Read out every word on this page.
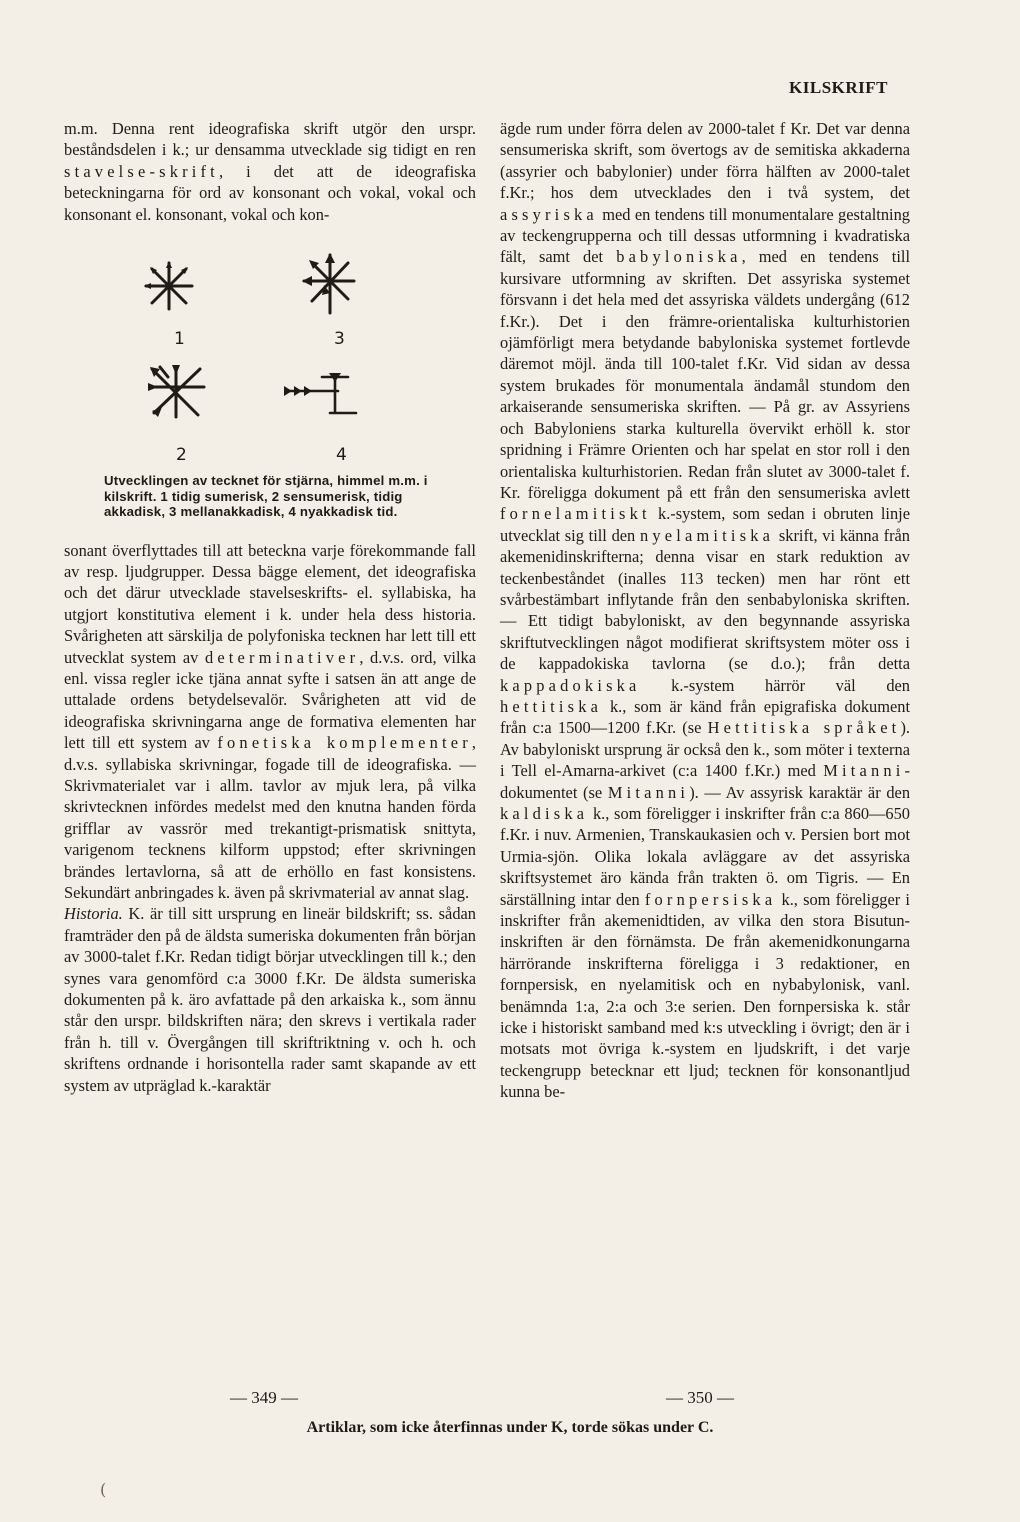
KILSKRIFT

m.m. Denna rent ideografiska skrift utgör den urspr. beståndsdelen i k.; ur densamma utvecklade sig tidigt en ren stavelse-skrift, i det att de ideografiska beteckningarna för ord av konsonant och vokal, vokal och konsonant el. konsonant, vokal och kon-

1	3
2	4
Utvecklingen av tecknet för stjärna, himmel m.m. i kilskrift. 1 tidig sumerisk, 2 sensumerisk, tidig akkadisk, 3 mellanakkadisk, 4 nyakkadisk tid.

sonant överflyttades till att beteckna varje förekommande fall av resp. ljudgrupper. Dessa bägge element, det ideografiska och det därur utvecklade stavelseskrifts- el. syllabiska, ha utgjort konstitutiva element i k. under hela dess historia. Svårigheten att särskilja de polyfoniska tecknen har lett till ett utvecklat system av determinativer, d.v.s. ord, vilka enl. vissa regler icke tjäna annat syfte i satsen än att ange de uttalade ordens betydelsevalör. Svårigheten att vid de ideografiska skrivningarna ange de formativa elementen har lett till ett system av fonetiska komplementer, d.v.s. syllabiska skrivningar, fogade till de ideografiska. — Skrivmaterialet var i allm. tavlor av mjuk lera, på vilka skrivtecknen infördes medelst med den knutna handen förda grifflar av vassrör med trekantigt-prismatisk snittyta, varigenom tecknens kilform uppstod; efter skrivningen brändes lertavlorna, så att de erhöllo en fast konsistens. Sekundärt anbringades k. även på skrivmaterial av annat slag.

Historia. K. är till sitt ursprung en lineär bildskrift; ss. sådan framträder den på de äldsta sumeriska dokumenten från början av 3000-talet f.Kr. Redan tidigt börjar utvecklingen till k.; den synes vara genomförd c:a 3000 f.Kr. De äldsta sumeriska dokumenten på k. äro avfattade på den arkaiska k., som ännu står den urspr. bildskriften nära; den skrevs i vertikala rader från h. till v. Övergången till skriftriktning v. och h. och skriftens ordnande i horisontella rader samt skapande av ett system av utpräglad k.-karaktär

ägde rum under förra delen av 2000-talet f Kr. Det var denna sensumeriska skrift, som övertogs av de semitiska akkaderna (assyrier och babylonier) under förra hälften av 2000-talet f.Kr.; hos dem utvecklades den i två system, det assyriska med en tendens till monumentalare gestaltning av teckengrupperna och till dessas utformning i kvadratiska fält, samt det babyloniska, med en tendens till kursivare utformning av skriften. Det assyriska systemet försvann i det hela med det assyriska väldets undergång (612 f.Kr.). Det i den främre-orientaliska kulturhistorien ojämförligt mera betydande babyloniska systemet fortlevde däremot möjl. ända till 100-talet f.Kr. Vid sidan av dessa system brukades för monumentala ändamål stundom den arkaiserande sensumeriska skriften. — På gr. av Assyriens och Babyloniens starka kulturella övervikt erhöll k. stor spridning i Främre Orienten och har spelat en stor roll i den orientaliska kulturhistorien. Redan från slutet av 3000-talet f. Kr. föreligga dokument på ett från den sensumeriska avlett fornelamitiskt k.-system, som sedan i obruten linje utvecklat sig till den nyelamitiska skrift, vi känna från akemenidinskrifterna; denna visar en stark reduktion av teckenbeståndet (inalles 113 tecken) men har rönt ett svårbestämbart inflytande från den senbabyloniska skriften. — Ett tidigt babyloniskt, av den begynnande assyriska skriftutvecklingen något modifierat skriftsystem möter oss i de kappadokiska tavlorna (se d.o.); från detta kappadokiska k.-system härrör väl den hettitiska k., som är känd från epigrafiska dokument från c:a 1500—1200 f.Kr. (se Hettitiska språket). Av babyloniskt ursprung är också den k., som möter i texterna i Tell el-Amarna-arkivet (c:a 1400 f.Kr.) med Mitanni-dokumentet (se Mitanni). — Av assyrisk karaktär är den kaldiska k., som föreligger i inskrifter från c:a 860—650 f.Kr. i nuv. Armenien, Transkaukasien och v. Persien bort mot Urmia-sjön. Olika lokala avläggare av det assyriska skriftsystemet äro kända från trakten ö. om Tigris. — En särställning intar den fornpersiska k., som föreligger i inskrifter från akemenidtiden, av vilka den stora Bisutun-inskriften är den förnämsta. De från akemenidkonungarna härrörande inskrifterna föreligga i 3 redaktioner, en fornpersisk, en nyelamitisk och en nybabylonisk, vanl. benämnda 1:a, 2:a och 3:e serien. Den fornpersiska k. står icke i historiskt samband med k:s utveckling i övrigt; den är i motsats mot övriga k.-system en ljudskrift, i det varje teckengrupp betecknar ett ljud; tecknen för konsonantljud kunna be-

— 349 —	— 350 —
Artiklar, som icke återfinnas under K, torde sökas under C.
(
